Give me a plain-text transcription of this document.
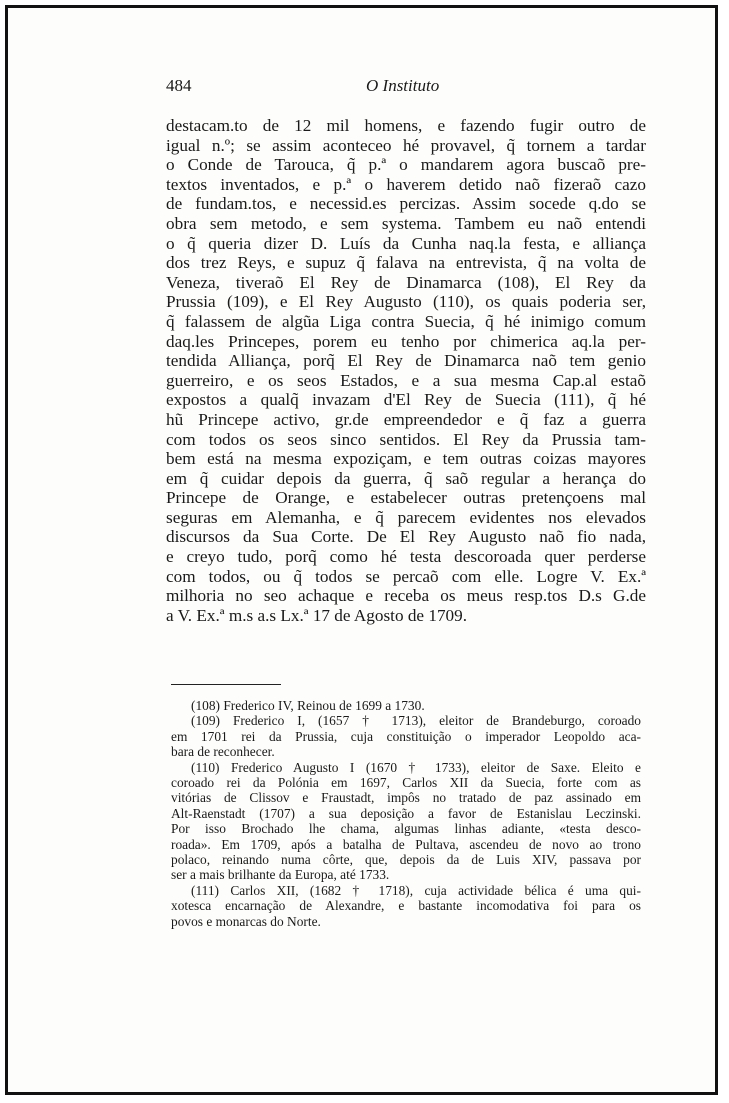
484	O Instituto
destacam.to de 12 mil homens, e fazendo fugir outro de
igual n.º; se assim aconteceo hé provavel, q̃ tornem a tardar
o Conde de Tarouca, q̃ p.ª o mandarem agora buscaõ pre-
textos inventados, e p.ª o haverem detido naõ fizeraõ cazo
de fundam.tos, e necessid.es percizas. Assim socede q.do se
obra sem metodo, e sem systema. Tambem eu naõ entendi
o q̃ queria dizer D. Luís da Cunha naq.la festa, e alliança
dos trez Reys, e supuz q̃ falava na entrevista, q̃ na volta de
Veneza, tiveraõ El Rey de Dinamarca (108), El Rey da
Prussia (109), e El Rey Augusto (110), os quais poderia ser,
q̃ falassem de algũa Liga contra Suecia, q̃ hé inimigo comum
daq.les Princepes, porem eu tenho por chimerica aq.la per-
tendida Alliança, porq̃ El Rey de Dinamarca naõ tem genio
guerreiro, e os seos Estados, e a sua mesma Cap.al estaõ
expostos a qualq̃ invazam d'El Rey de Suecia (111), q̃ hé
hũ Princepe activo, gr.de empreendedor e q̃ faz a guerra
com todos os seos sinco sentidos. El Rey da Prussia tam-
bem está na mesma expoziçam, e tem outras coizas mayores
em q̃ cuidar depois da guerra, q̃ saõ regular a herança do
Princepe de Orange, e estabelecer outras pretençoens mal
seguras em Alemanha, e q̃ parecem evidentes nos elevados
discursos da Sua Corte. De El Rey Augusto naõ fio nada,
e creyo tudo, porq̃ como hé testa descoroada quer perderse
com todos, ou q̃ todos se percaõ com elle. Logre V. Ex.ª
milhoria no seo achaque e receba os meus resp.tos D.s G.de
a V. Ex.ª m.s a.s Lx.ª 17 de Agosto de 1709.
(108) Frederico IV, Reinou de 1699 a 1730.
(109) Frederico I, (1657 † 1713), eleitor de Brandeburgo, coroado
em 1701 rei da Prussia, cuja constituição o imperador Leopoldo aca-
bara de reconhecer.
(110) Frederico Augusto I (1670 † 1733), eleitor de Saxe. Eleito e
coroado rei da Polónia em 1697, Carlos XII da Suecia, forte com as
vitórias de Clissov e Fraustadt, impôs no tratado de paz assinado em
Alt-Raenstadt (1707) a sua deposição a favor de Estanislau Leczinski.
Por isso Brochado lhe chama, algumas linhas adiante, «testa desco-
roada». Em 1709, após a batalha de Pultava, ascendeu de novo ao trono
polaco, reinando numa côrte, que, depois da de Luis XIV, passava por
ser a mais brilhante da Europa, até 1733.
(111) Carlos XII, (1682 † 1718), cuja actividade bélica é uma qui-
xotesca encarnação de Alexandre, e bastante incomodativa foi para os
povos e monarcas do Norte.
